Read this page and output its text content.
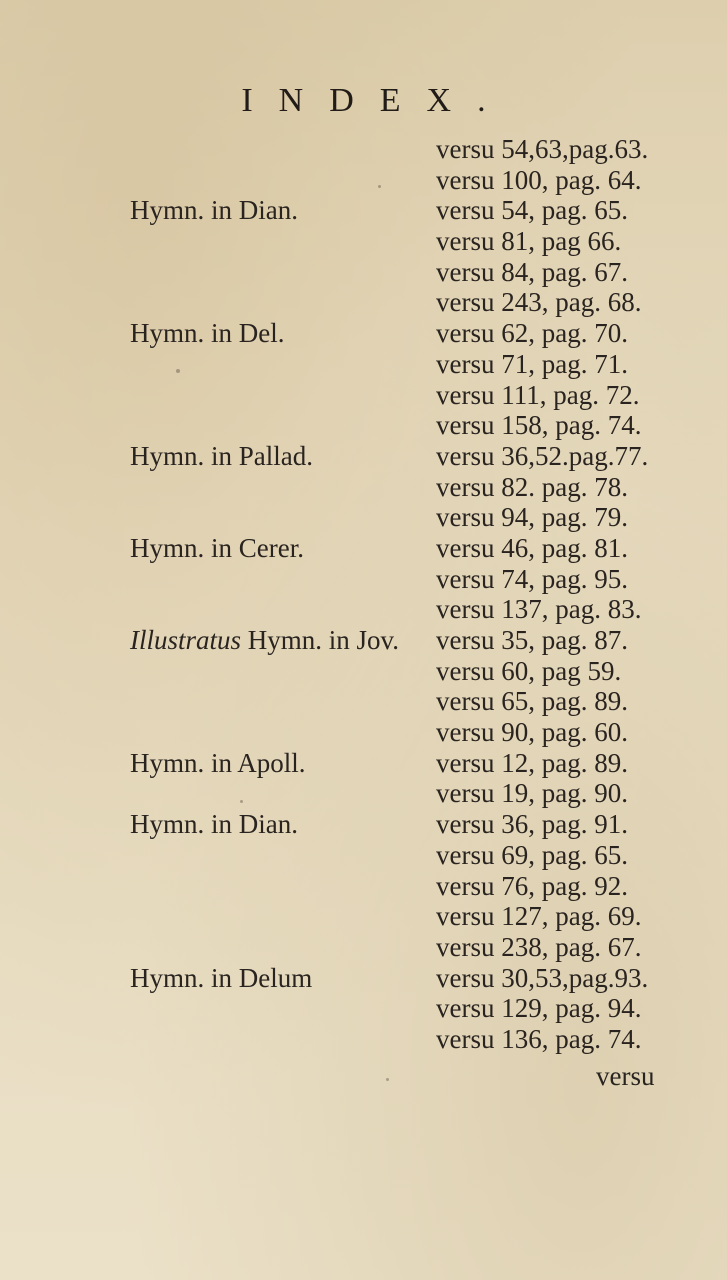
INDEX.
versu 54,63,pag.63.
versu 100, pag. 64.
Hymn. in Dian.	versu 54, pag. 65.
versu 81, pag 66.
versu 84, pag. 67.
versu 243, pag. 68.
Hymn. in Del.	versu 62, pag. 70.
versu 71, pag. 71.
versu 111, pag. 72.
versu 158, pag. 74.
Hymn. in Pallad.	versu 36,52.pag.77.
versu 82. pag. 78.
versu 94, pag. 79.
Hymn. in Cerer.	versu 46, pag. 81.
versu 74, pag. 95.
versu 137, pag. 83.
Illustratus Hymn. in Jov. versu 35, pag. 87.
versu 60, pag 59.
versu 65, pag. 89.
versu 90, pag. 60.
Hymn. in Apoll.	versu 12, pag. 89.
versu 19, pag. 90.
Hymn. in Dian.	versu 36, pag. 91.
versu 69, pag. 65.
versu 76, pag. 92.
versu 127, pag. 69.
versu 238, pag. 67.
Hymn. in Delum	versu 30,53,pag.93.
versu 129, pag. 94.
versu 136, pag. 74.
versu
